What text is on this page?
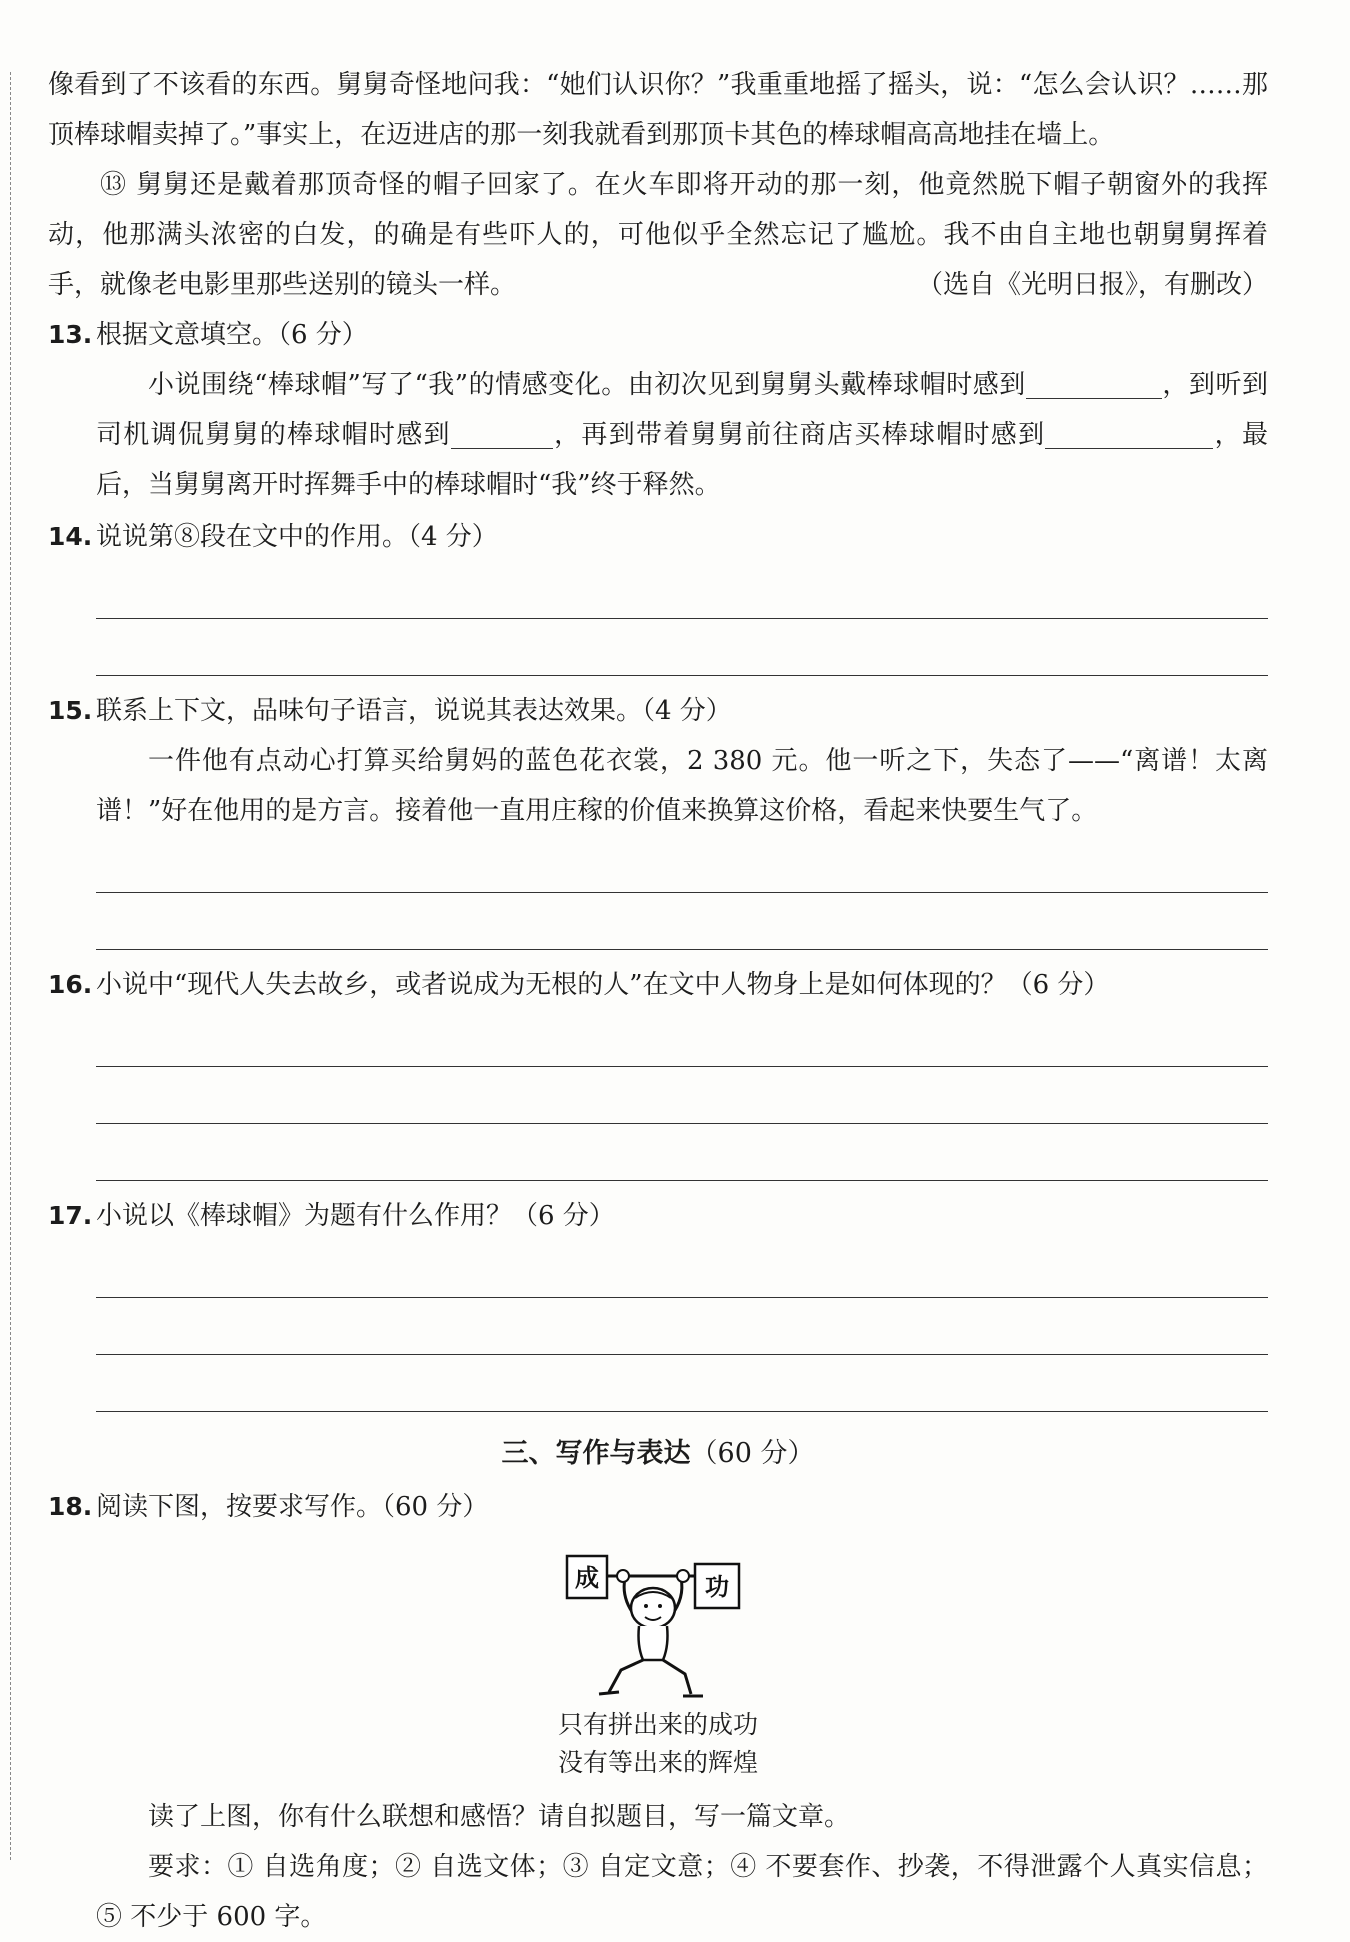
像看到了不该看的东西。舅舅奇怪地问我：“她们认识你？”我重重地摇了摇头，说：“怎么会认识？……那顶棒球帽卖掉了。”事实上，在迈进店的那一刻我就看到那顶卡其色的棒球帽高高地挂在墙上。

⑬ 舅舅还是戴着那顶奇怪的帽子回家了。在火车即将开动的那一刻，他竟然脱下帽子朝窗外的我挥动，他那满头浓密的白发，的确是有些吓人的，可他似乎全然忘记了尴尬。我不由自主地也朝舅舅挥着手，就像老电影里那些送别的镜头一样。	（选自《光明日报》，有删改）
13. 根据文意填空。（6 分）
小说围绕“棒球帽”写了“我”的情感变化。由初次见到舅舅头戴棒球帽时感到	，到听到司机调侃舅舅的棒球帽时感到	，再到带着舅舅前往商店买棒球帽时感到	，最后，当舅舅离开时挥舞手中的棒球帽时“我”终于释然。
14. 说说第⑧段在文中的作用。（4 分）
15. 联系上下文，品味句子语言，说说其表达效果。（4 分）
一件他有点动心打算买给舅妈的蓝色花衣裳，2 380 元。他一听之下，失态了——“离谱！太离谱！”好在他用的是方言。接着他一直用庄稼的价值来换算这价格，看起来快要生气了。
16. 小说中“现代人失去故乡，或者说成为无根的人”在文中人物身上是如何体现的？（6 分）
17. 小说以《棒球帽》为题有什么作用？（6 分）
三、写作与表达（60 分）
18. 阅读下图，按要求写作。（60 分）
成	功
只有拼出来的成功
没有等出来的辉煌
读了上图，你有什么联想和感悟？请自拟题目，写一篇文章。
要求：① 自选角度；② 自选文体；③ 自定文意；④ 不要套作、抄袭，不得泄露个人真实信息；⑤ 不少于 600 字。
